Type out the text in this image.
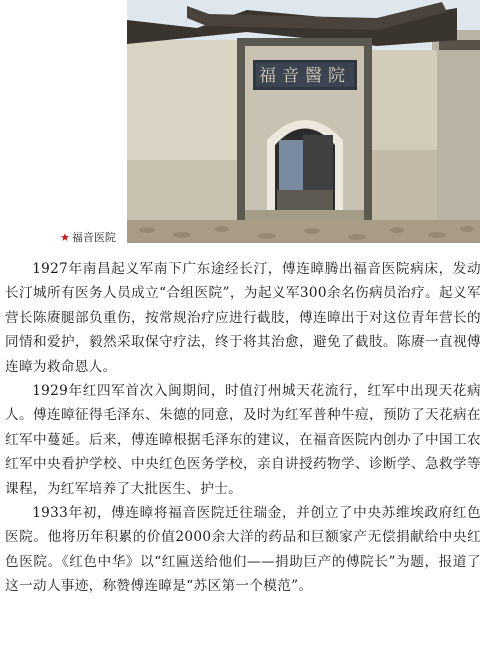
福音醫院
★ 福音医院

1927年南昌起义军南下广东途经长汀，傅连暲腾出福音医院病床，发动长汀城所有医务人员成立“合组医院”，为起义军300余名伤病员治疗。起义军营长陈赓腿部负重伤，按常规治疗应进行截肢，傅连暲出于对这位青年营长的同情和爱护，毅然采取保守疗法，终于将其治愈，避免了截肢。陈赓一直视傅连暲为救命恩人。

1929年红四军首次入闽期间，时值汀州城天花流行，红军中出现天花病人。傅连暲征得毛泽东、朱德的同意，及时为红军普种牛痘，预防了天花病在红军中蔓延。后来，傅连暲根据毛泽东的建议，在福音医院内创办了中国工农红军中央看护学校、中央红色医务学校，亲自讲授药物学、诊断学、急救学等课程，为红军培养了大批医生、护士。

1933年初，傅连暲将福音医院迁往瑞金，并创立了中央苏维埃政府红色医院。他将历年积累的价值2000余大洋的药品和巨额家产无偿捐献给中央红色医院。《红色中华》以“红匾送给他们——捐助巨产的傅院长”为题，报道了这一动人事迹，称赞傅连暲是“苏区第一个模范”。
